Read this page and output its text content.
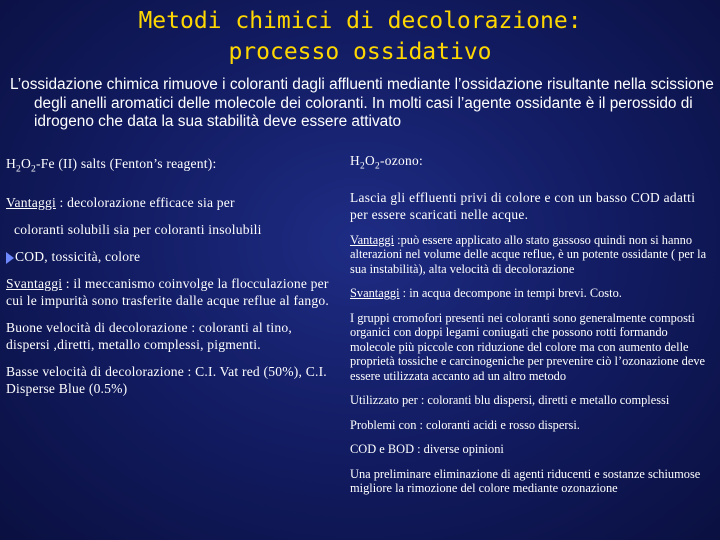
Metodi chimici di decolorazione:
processo ossidativo

L’ossidazione chimica rimuove i coloranti dagli affluenti mediante l’ossidazione risultante nella scissione degli anelli aromatici delle molecole dei coloranti. In molti casi l’agente ossidante è il perossido di idrogeno che data la sua stabilità deve essere attivato

$H_2O_2-Fe$ (II) salts (Fenton’s reagent):

Vantaggi : decolorazione efficace sia per

coloranti solubili sia per coloranti insolubili

COD, tossicità, colore

Svantaggi : il meccanismo coinvolge la flocculazione per cui le impurità sono trasferite dalle acque reflue al fango.

Buone velocità di decolorazione : coloranti al tino, dispersi ,diretti, metallo complessi, pigmenti.

Basse velocità di decolorazione : C.I. Vat red (50%), C.I. Disperse Blue (0.5%)

$H_2O_2$-ozono:

Lascia gli effluenti privi di colore e con un basso COD adatti per essere scaricati nelle acque.

Vantaggi :può essere applicato allo stato gassoso quindi non si hanno alterazioni nel volume delle acque reflue, è un potente ossidante ( per la sua instabilità), alta velocità di decolorazione

Svantaggi : in acqua decompone in tempi brevi. Costo.

I gruppi cromofori presenti nei coloranti sono generalmente composti organici con doppi legami coniugati che possono rotti formando molecole più piccole con riduzione del colore ma con aumento delle proprietà tossiche e carcinogeniche per prevenire ciò l’ozonazione deve essere utilizzata accanto ad un altro metodo

Utilizzato per : coloranti blu dispersi, diretti e metallo complessi

Problemi con : coloranti acidi e rosso dispersi.

COD e BOD : diverse opinioni

Una preliminare eliminazione di agenti riducenti e sostanze schiumose migliore la rimozione del colore mediante ozonazione
